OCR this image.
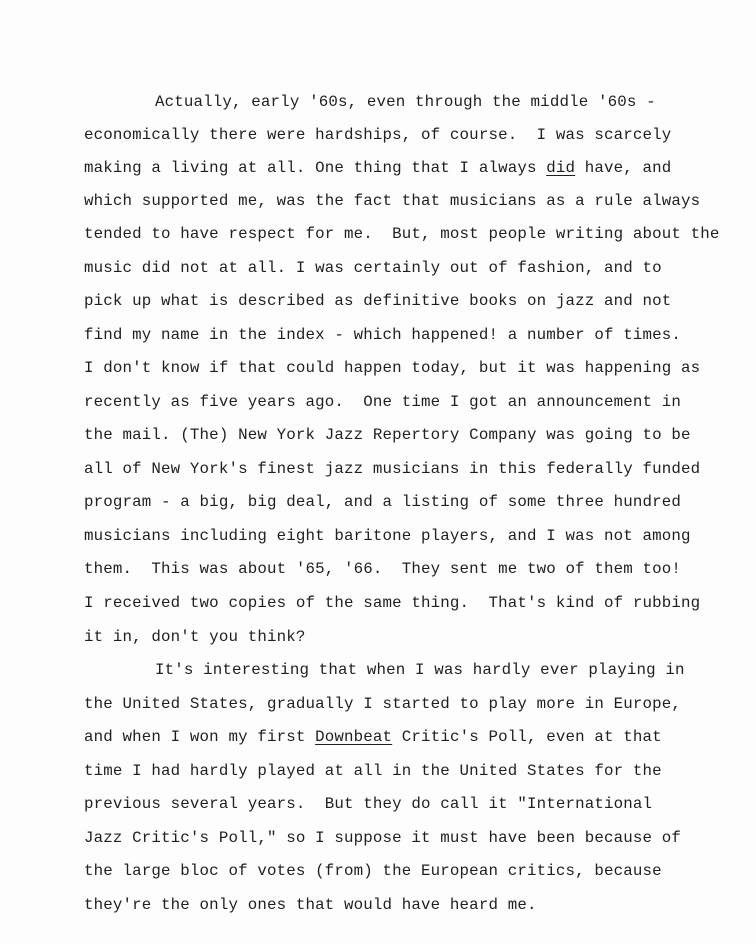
Actually, early '60s, even through the middle '60s -
economically there were hardships, of course.  I was scarcely
making a living at all. One thing that I always did have, and
which supported me, was the fact that musicians as a rule always
tended to have respect for me.  But, most people writing about the
music did not at all. I was certainly out of fashion, and to
pick up what is described as definitive books on jazz and not
find my name in the index - which happened! a number of times.
I don't know if that could happen today, but it was happening as
recently as five years ago.  One time I got an announcement in
the mail. (The) New York Jazz Repertory Company was going to be
all of New York's finest jazz musicians in this federally funded
program - a big, big deal, and a listing of some three hundred
musicians including eight baritone players, and I was not among
them.  This was about '65, '66.  They sent me two of them too!
I received two copies of the same thing.  That's kind of rubbing
it in, don't you think?
It's interesting that when I was hardly ever playing in
the United States, gradually I started to play more in Europe,
and when I won my first Downbeat Critic's Poll, even at that
time I had hardly played at all in the United States for the
previous several years.  But they do call it "International
Jazz Critic's Poll," so I suppose it must have been because of
the large bloc of votes (from) the European critics, because
they're the only ones that would have heard me.
